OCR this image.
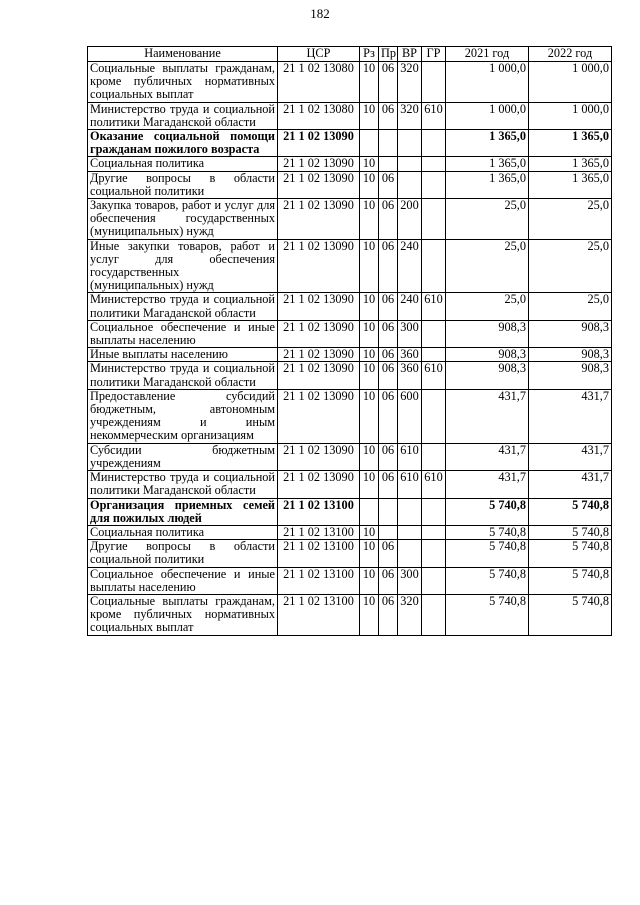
182
Наименование	ЦСР	Рз	Пр	ВР	ГР	2021 год	2022 год
Социальные выплаты гражданам, кроме публичных нормативных социальных выплат	21 1 02 13080	10	06	320		1 000,0	1 000,0
Министерство труда и социальной политики Магаданской области	21 1 02 13080	10	06	320	610	1 000,0	1 000,0
Оказание социальной помощи гражданам пожилого возраста	21 1 02 13090					1 365,0	1 365,0
Социальная политика	21 1 02 13090	10				1 365,0	1 365,0
Другие вопросы в области социальной политики	21 1 02 13090	10	06			1 365,0	1 365,0
Закупка товаров, работ и услуг для обеспечения государственных (муниципальных) нужд	21 1 02 13090	10	06	200		25,0	25,0
Иные закупки товаров, работ и услуг для обеспечения государственных (муниципальных) нужд	21 1 02 13090	10	06	240		25,0	25,0
Министерство труда и социальной политики Магаданской области	21 1 02 13090	10	06	240	610	25,0	25,0
Социальное обеспечение и иные выплаты населению	21 1 02 13090	10	06	300		908,3	908,3
Иные выплаты населению	21 1 02 13090	10	06	360		908,3	908,3
Министерство труда и социальной политики Магаданской области	21 1 02 13090	10	06	360	610	908,3	908,3
Предоставление субсидий бюджетным, автономным учреждениям и иным некоммерческим организациям	21 1 02 13090	10	06	600		431,7	431,7
Субсидии бюджетным учреждениям	21 1 02 13090	10	06	610		431,7	431,7
Министерство труда и социальной политики Магаданской области	21 1 02 13090	10	06	610	610	431,7	431,7
Организация приемных семей для пожилых людей	21 1 02 13100					5 740,8	5 740,8
Социальная политика	21 1 02 13100	10				5 740,8	5 740,8
Другие вопросы в области социальной политики	21 1 02 13100	10	06			5 740,8	5 740,8
Социальное обеспечение и иные выплаты населению	21 1 02 13100	10	06	300		5 740,8	5 740,8
Социальные выплаты гражданам, кроме публичных нормативных социальных выплат	21 1 02 13100	10	06	320		5 740,8	5 740,8
